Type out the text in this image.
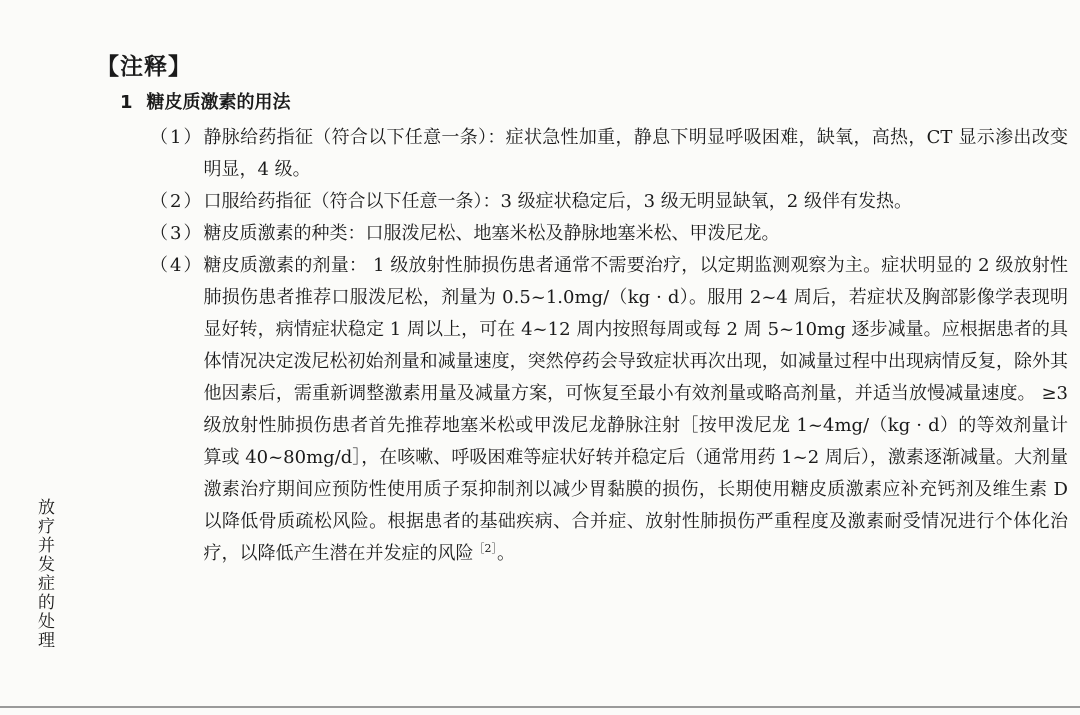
【注释】
1 糖皮质激素的用法
（1） 静脉给药指征（符合以下任意一条）：症状急性加重，静息下明显呼吸困难，缺氧，高热，CT 显示渗出改变明显，4 级。
（2） 口服给药指征（符合以下任意一条）：3 级症状稳定后，3 级无明显缺氧，2 级伴有发热。
（3） 糖皮质激素的种类：口服泼尼松、地塞米松及静脉地塞米松、甲泼尼龙。
（4） 糖皮质激素的剂量： 1 级放射性肺损伤患者通常不需要治疗，以定期监测观察为主。症状明显的 2 级放射性肺损伤患者推荐口服泼尼松，剂量为 0.5~1.0mg/（kg · d）。服用 2~4 周后，若症状及胸部影像学表现明显好转，病情症状稳定 1 周以上，可在 4~12 周内按照每周或每 2 周 5~10mg 逐步减量。应根据患者的具体情况决定泼尼松初始剂量和减量速度，突然停药会导致症状再次出现，如减量过程中出现病情反复，除外其他因素后，需重新调整激素用量及减量方案，可恢复至最小有效剂量或略高剂量，并适当放慢减量速度。 ≥3 级放射性肺损伤患者首先推荐地塞米松或甲泼尼龙静脉注射［按甲泼尼龙 1~4mg/（kg · d）的等效剂量计算或 40~80mg/d］，在咳嗽、呼吸困难等症状好转并稳定后（通常用药 1~2 周后），激素逐渐减量。大剂量激素治疗期间应预防性使用质子泵抑制剂以减少胃黏膜的损伤，长期使用糖皮质激素应补充钙剂及维生素 D 以降低骨质疏松风险。根据患者的基础疾病、合并症、放射性肺损伤严重程度及激素耐受情况进行个体化治疗，以降低产生潜在并发症的风险$^{[2]}$。
放疗并发症的处理
